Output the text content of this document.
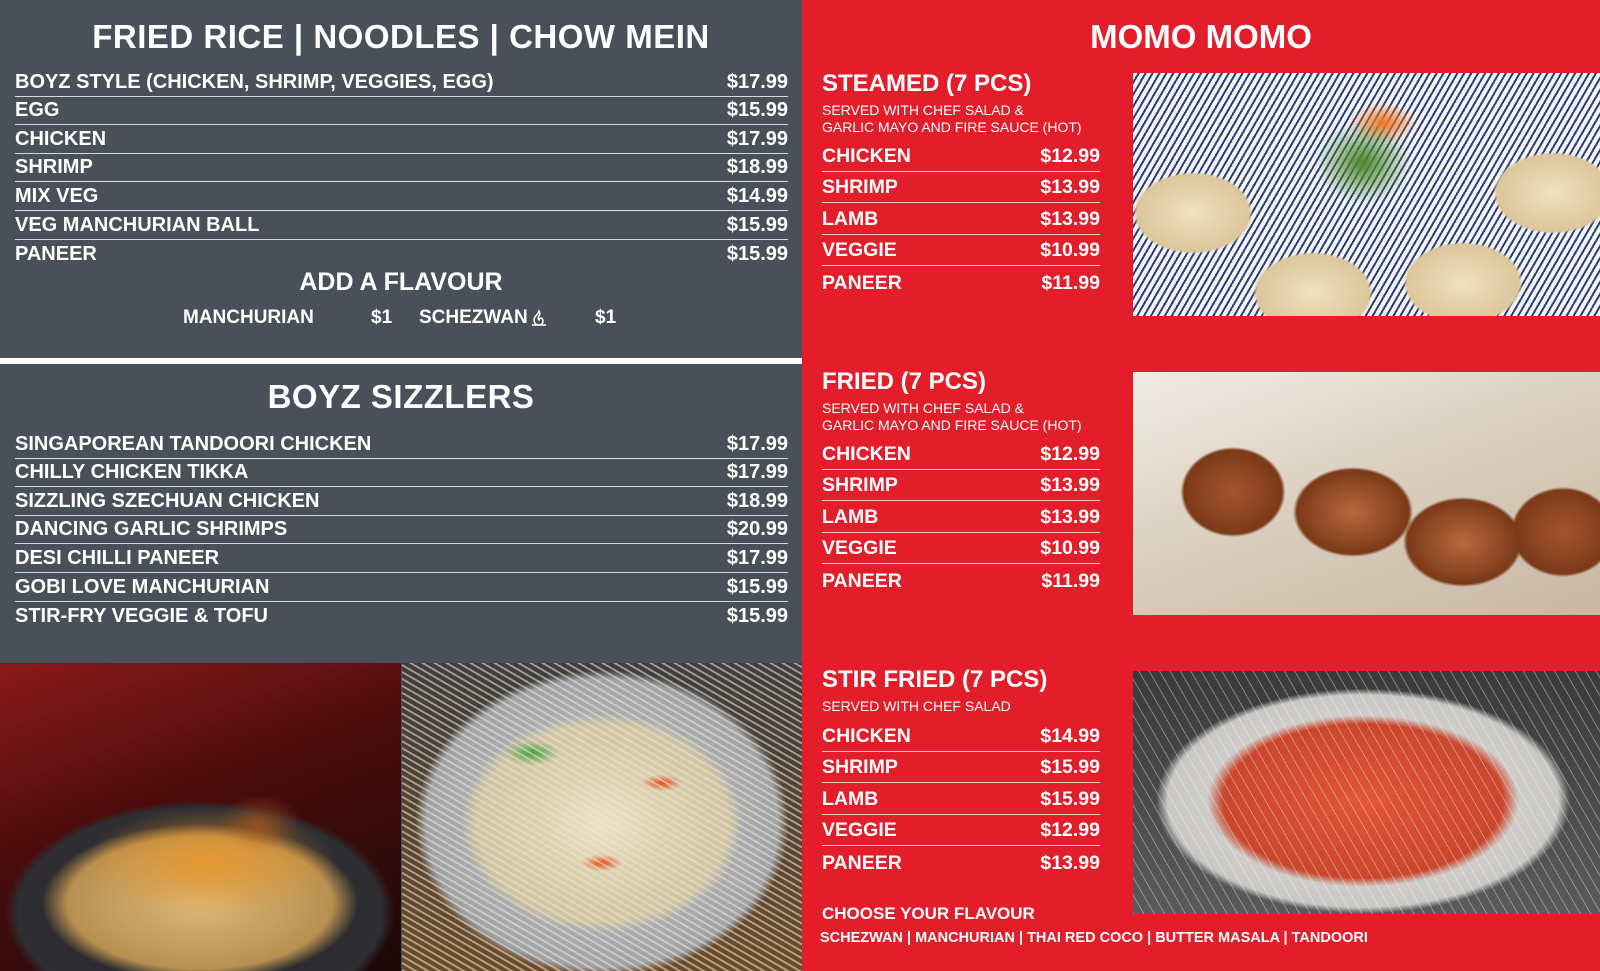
FRIED RICE | NOODLES | CHOW MEIN
BOYZ STYLE (CHICKEN, SHRIMP, VEGGIES, EGG)	$17.99
EGG	$15.99
CHICKEN	$17.99
SHRIMP	$18.99
MIX VEG	$14.99
VEG MANCHURIAN BALL	$15.99
PANEER	$15.99
ADD A FLAVOUR
MANCHURIAN	$1 SCHEZWAN	$1
BOYZ SIZZLERS
SINGAPOREAN TANDOORI CHICKEN	$17.99
CHILLY CHICKEN TIKKA	$17.99
SIZZLING SZECHUAN CHICKEN	$18.99
DANCING GARLIC SHRIMPS	$20.99
DESI CHILLI PANEER	$17.99
GOBI LOVE MANCHURIAN	$15.99
STIR-FRY VEGGIE & TOFU	$15.99
MOMO MOMO
STEAMED (7 PCS)
SERVED WITH CHEF SALAD &
GARLIC MAYO AND FIRE SAUCE (HOT)
CHICKEN	$12.99
SHRIMP	$13.99
LAMB	$13.99
VEGGIE	$10.99
PANEER	$11.99
FRIED (7 PCS)
SERVED WITH CHEF SALAD &
GARLIC MAYO AND FIRE SAUCE (HOT)
CHICKEN	$12.99
SHRIMP	$13.99
LAMB	$13.99
VEGGIE	$10.99
PANEER	$11.99
STIR FRIED (7 PCS)
SERVED WITH CHEF SALAD
CHICKEN	$14.99
SHRIMP	$15.99
LAMB	$15.99
VEGGIE	$12.99
PANEER	$13.99
CHOOSE YOUR FLAVOUR
SCHEZWAN | MANCHURIAN | THAI RED COCO | BUTTER MASALA | TANDOORI
